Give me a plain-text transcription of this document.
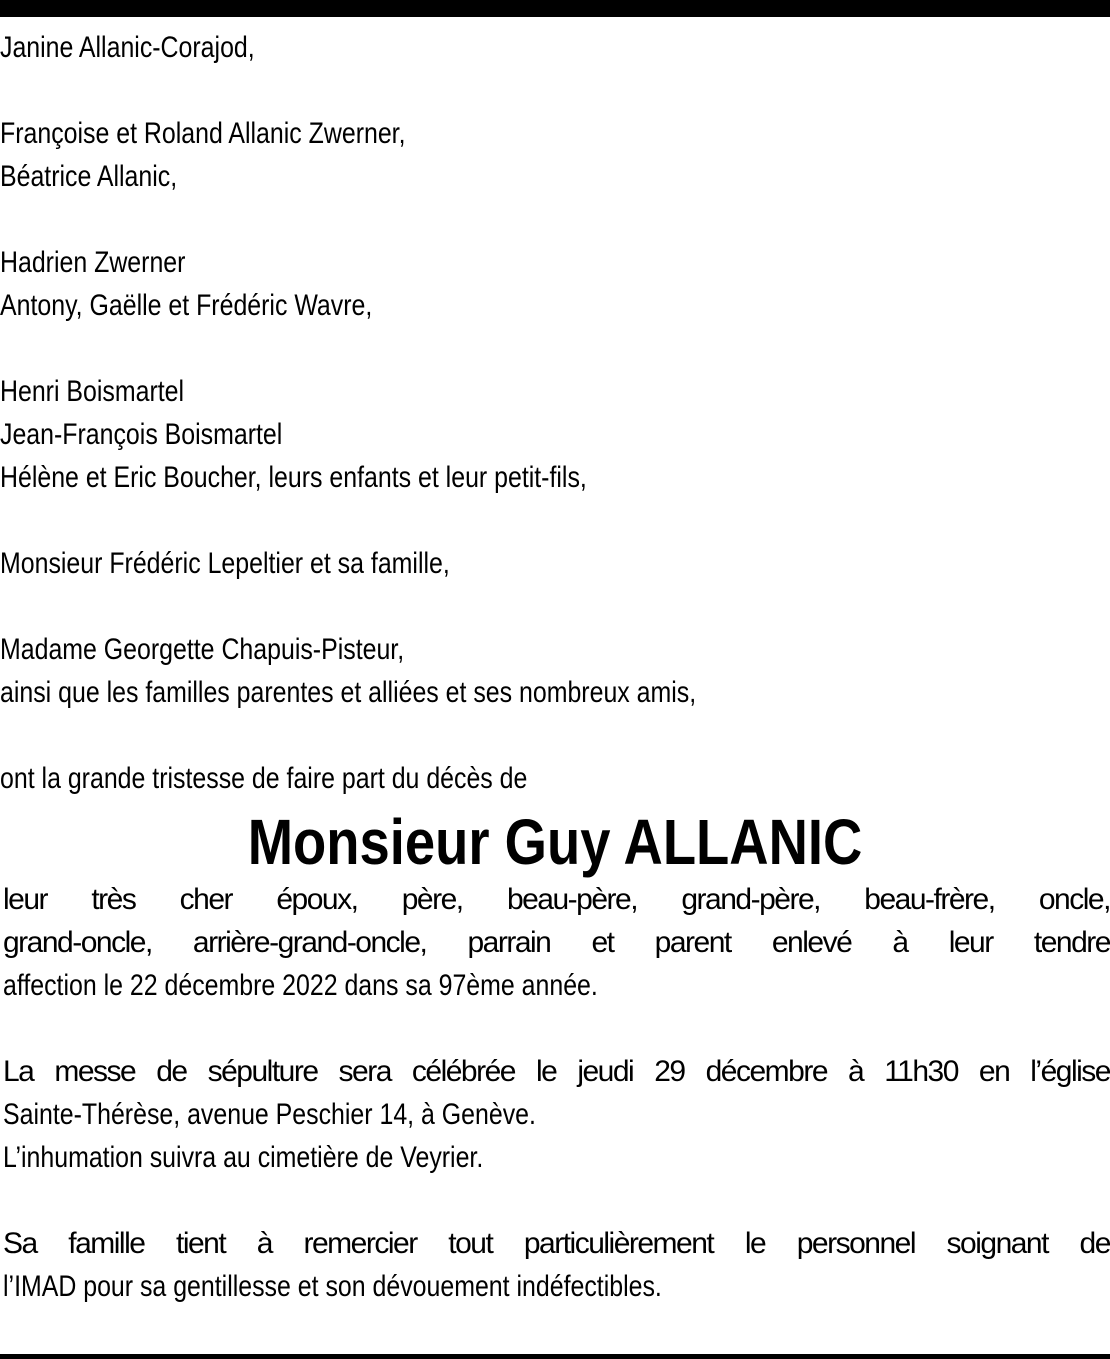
Janine Allanic-Corajod,
Françoise et Roland Allanic Zwerner,
Béatrice Allanic,
Hadrien Zwerner
Antony, Gaëlle et Frédéric Wavre,
Henri Boismartel
Jean-François Boismartel
Hélène et Eric Boucher, leurs enfants et leur petit-fils,
Monsieur Frédéric Lepeltier et sa famille,
Madame Georgette Chapuis-Pisteur,
ainsi que les familles parentes et alliées et ses nombreux amis,
ont la grande tristesse de faire part du décès de
Monsieur Guy ALLANIC
leur très cher époux, père, beau-père, grand-père, beau-frère, oncle,
grand-oncle, arrière-grand-oncle, parrain et parent enlevé à leur tendre
affection le 22 décembre 2022 dans sa 97ème année.
La messe de sépulture sera célébrée le jeudi 29 décembre à 11h30 en l’église
Sainte-Thérèse, avenue Peschier 14, à Genève.
L’inhumation suivra au cimetière de Veyrier.
Sa famille tient à remercier tout particulièrement le personnel soignant de
l’IMAD pour sa gentillesse et son dévouement indéfectibles.
